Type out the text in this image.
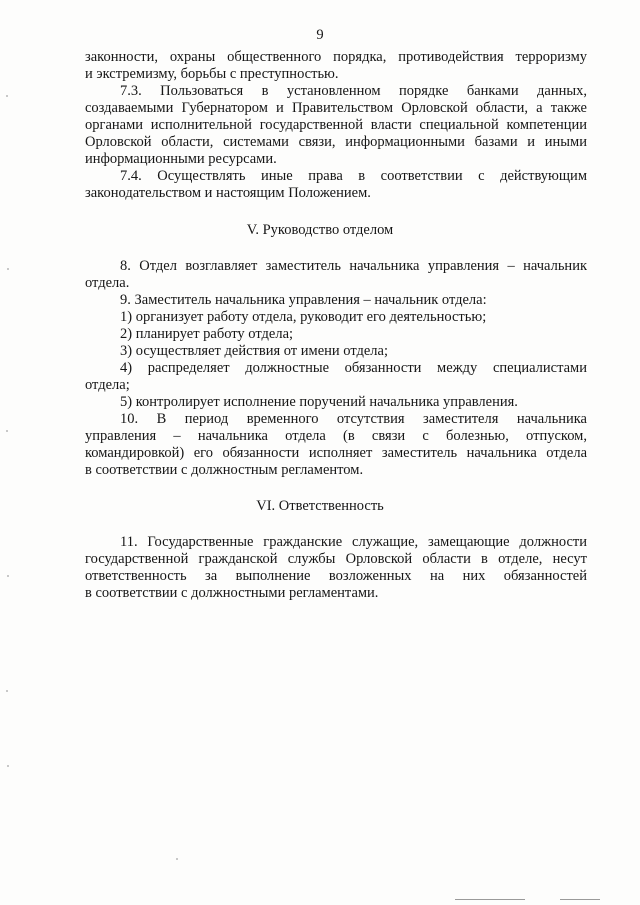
9
законности, охраны общественного порядка, противодействия терроризму
и экстремизму, борьбы с преступностью.
7.3. Пользоваться в установленном порядке банками данных,
создаваемыми Губернатором и Правительством Орловской области, а также
органами исполнительной государственной власти специальной компетенции
Орловской области, системами связи, информационными базами и иными
информационными ресурсами.
7.4. Осуществлять иные права в соответствии с действующим
законодательством и настоящим Положением.
V. Руководство отделом
8. Отдел возглавляет заместитель начальника управления – начальник
отдела.
9. Заместитель начальника управления – начальник отдела:
1) организует работу отдела, руководит его деятельностью;
2) планирует работу отдела;
3) осуществляет действия от имени отдела;
4) распределяет должностные обязанности между специалистами
отдела;
5) контролирует исполнение поручений начальника управления.
10. В период временного отсутствия заместителя начальника
управления – начальника отдела (в связи с болезнью, отпуском,
командировкой) его обязанности исполняет заместитель начальника отдела
в соответствии с должностным регламентом.
VI. Ответственность
11. Государственные гражданские служащие, замещающие должности
государственной гражданской службы Орловской области в отделе, несут
ответственность за выполнение возложенных на них обязанностей
в соответствии с должностными регламентами.
